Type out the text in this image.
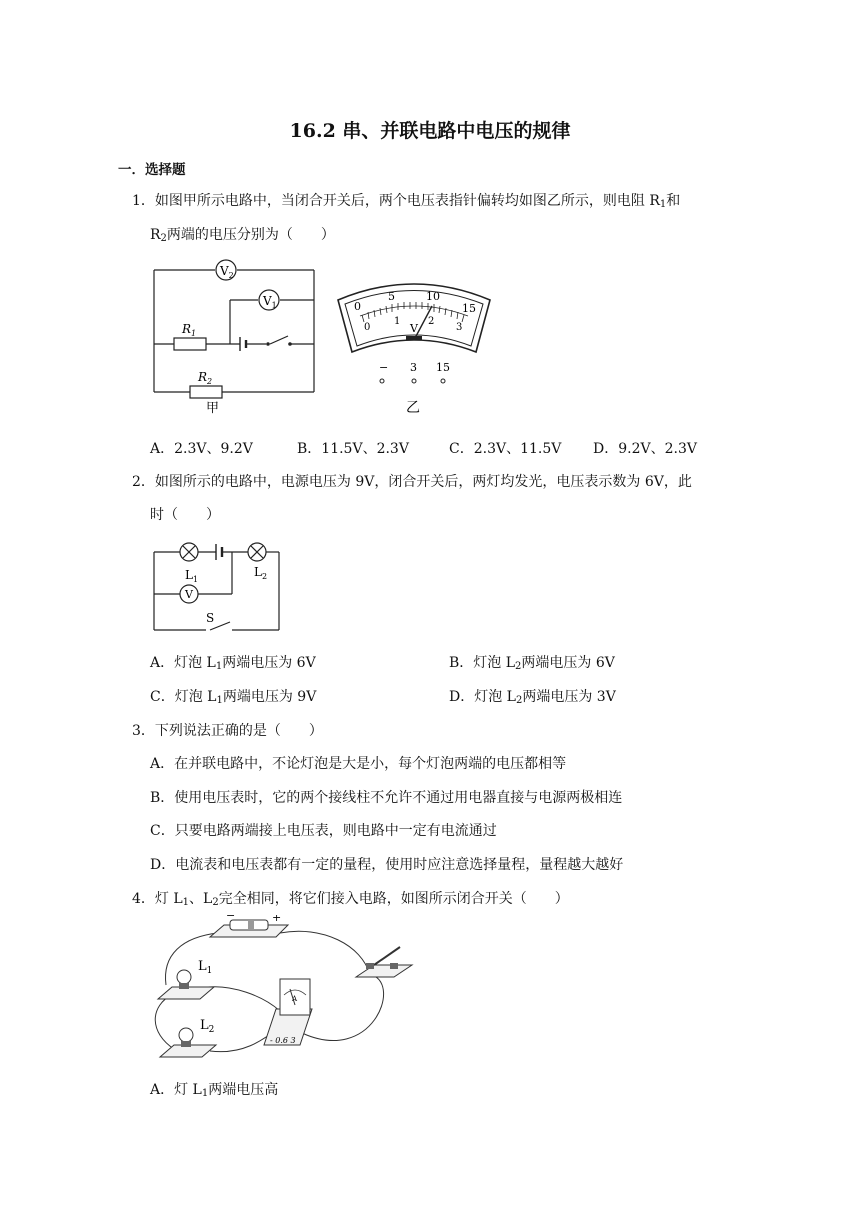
16.2 串、并联电路中电压的规律
一．选择题
1．如图甲所示电路中，当闭合开关后，两个电压表指针偏转均如图乙所示，则电阻 $R_1$和
$R_2$两端的电压分别为（　　）
$V_2$
$V_1$
$R_1$
$R_2$
甲
0
5	10
15
0
1	2
3
V
− 3 15
乙
A．2.3V、9.2V	B．11.5V、2.3V	C．2.3V、11.5V D．9.2V、2.3V
2．如图所示的电路中，电源电压为 9V，闭合开关后，两灯均发光，电压表示数为 6V，此
时（　　）
$L_1$
$L_2$
V
S
A．灯泡 $L_1$两端电压为 6V	B．灯泡 $L_2$两端电压为 6V
C．灯泡 $L_1$两端电压为 9V	D．灯泡 $L_2$两端电压为 3V
3．下列说法正确的是（　　）
A．在并联电路中，不论灯泡是大是小，每个灯泡两端的电压都相等
B．使用电压表时，它的两个接线柱不允许不通过用电器直接与电源两极相连
C．只要电路两端接上电压表，则电路中一定有电流通过
D．电流表和电压表都有一定的量程，使用时应注意选择量程，量程越大越好
4．灯 $L_1$、$L_2$完全相同，将它们接入电路，如图所示闭合开关（　　）
−	+
$L_1$
$L_2$
A
- 0.6 3
A．灯 $L_1$两端电压高
